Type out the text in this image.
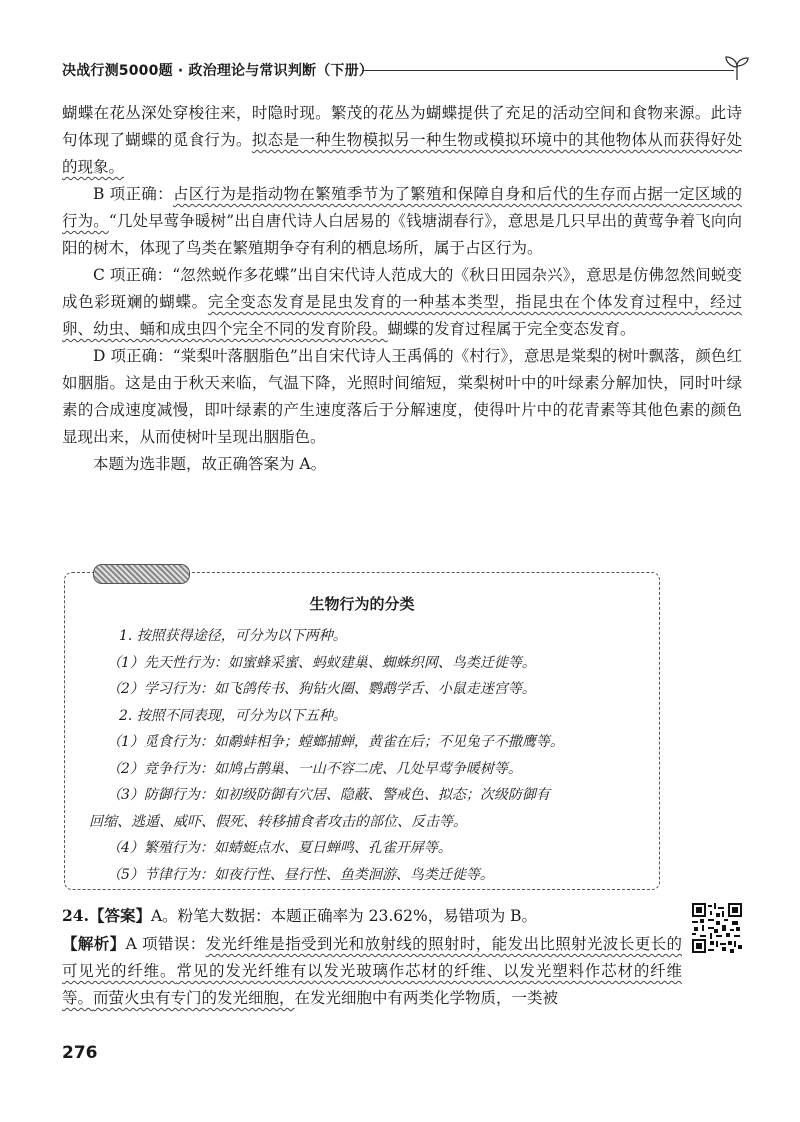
决战行测5000题 · 政治理论与常识判断（下册）

蝴蝶在花丛深处穿梭往来，时隐时现。繁茂的花丛为蝴蝶提供了充足的活动空间和食物来源。此诗句体现了蝴蝶的觅食行为。拟态是一种生物模拟另一种生物或模拟环境中的其他物体从而获得好处的现象。

B 项正确：占区行为是指动物在繁殖季节为了繁殖和保障自身和后代的生存而占据一定区域的行为。“几处早莺争暖树”出自唐代诗人白居易的《钱塘湖春行》，意思是几只早出的黄莺争着飞向向阳的树木，体现了鸟类在繁殖期争夺有利的栖息场所，属于占区行为。

C 项正确：“忽然蜕作多花蝶”出自宋代诗人范成大的《秋日田园杂兴》，意思是仿佛忽然间蜕变成色彩斑斓的蝴蝶。完全变态发育是昆虫发育的一种基本类型，指昆虫在个体发育过程中，经过卵、幼虫、蛹和成虫四个完全不同的发育阶段。蝴蝶的发育过程属于完全变态发育。

D 项正确：“棠梨叶落胭脂色”出自宋代诗人王禹偁的《村行》，意思是棠梨的树叶飘落，颜色红如胭脂。这是由于秋天来临，气温下降，光照时间缩短，棠梨树叶中的叶绿素分解加快，同时叶绿素的合成速度减慢，即叶绿素的产生速度落后于分解速度，使得叶片中的花青素等其他色素的颜色显现出来，从而使树叶呈现出胭脂色。

本题为选非题，故正确答案为 A。

生物行为的分类
1. 按照获得途径，可分为以下两种。
（1）先天性行为：如蜜蜂采蜜、蚂蚁建巢、蜘蛛织网、鸟类迁徙等。
（2）学习行为：如飞鸽传书、狗钻火圈、鹦鹉学舌、小鼠走迷宫等。
2. 按照不同表现，可分为以下五种。
（1）觅食行为：如鹬蚌相争；螳螂捕蝉，黄雀在后；不见兔子不撒鹰等。
（2）竞争行为：如鸠占鹊巢、一山不容二虎、几处早莺争暖树等。
（3）防御行为：如初级防御有穴居、隐蔽、警戒色、拟态；次级防御有
回缩、逃遁、威吓、假死、转移捕食者攻击的部位、反击等。
（4）繁殖行为：如蜻蜓点水、夏日蝉鸣、孔雀开屏等。
（5）节律行为：如夜行性、昼行性、鱼类洄游、鸟类迁徙等。

24.【答案】A。粉笔大数据：本题正确率为 23.62%，易错项为 B。

【解析】A 项错误：发光纤维是指受到光和放射线的照射时，能发出比照射光波长更长的可见光的纤维。常见的发光纤维有以发光玻璃作芯材的纤维、以发光塑料作芯材的纤维等。而萤火虫有专门的发光细胞，在发光细胞中有两类化学物质，一类被

276
